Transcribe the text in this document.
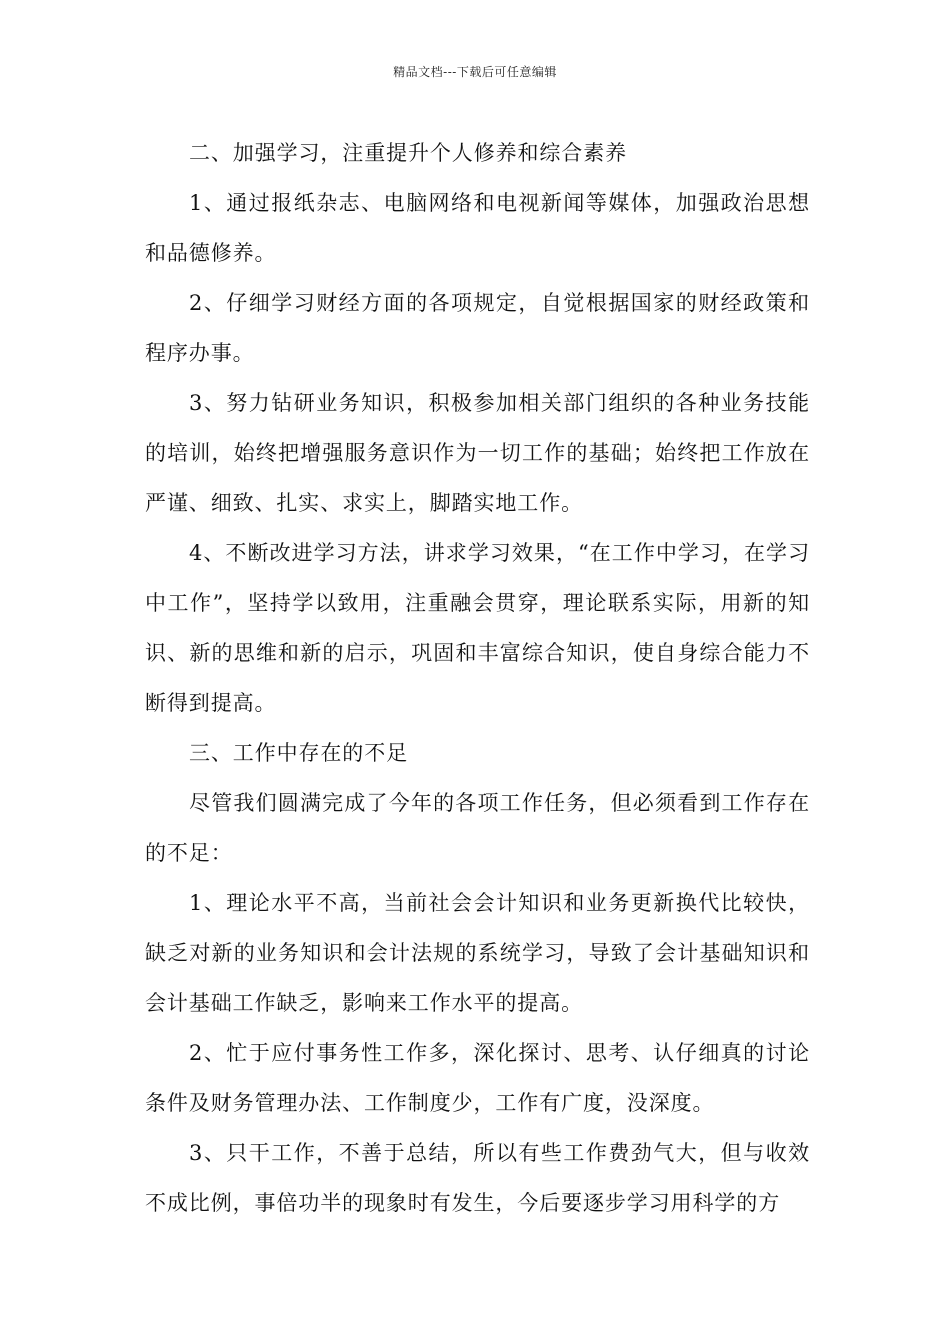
精品文档---下载后可任意编辑

二、加强学习，注重提升个人修养和综合素养

1、通过报纸杂志、电脑网络和电视新闻等媒体，加强政治思想和品德修养。

2、仔细学习财经方面的各项规定，自觉根据国家的财经政策和程序办事。

3、努力钻研业务知识，积极参加相关部门组织的各种业务技能的培训，始终把增强服务意识作为一切工作的基础；始终把工作放在严谨、细致、扎实、求实上，脚踏实地工作。

4、不断改进学习方法，讲求学习效果，“在工作中学习，在学习中工作”，坚持学以致用，注重融会贯穿，理论联系实际，用新的知识、新的思维和新的启示，巩固和丰富综合知识，使自身综合能力不断得到提高。

三、工作中存在的不足

尽管我们圆满完成了今年的各项工作任务，但必须看到工作存在的不足：

1、理论水平不高，当前社会会计知识和业务更新换代比较快，缺乏对新的业务知识和会计法规的系统学习，导致了会计基础知识和会计基础工作缺乏，影响来工作水平的提高。

2、忙于应付事务性工作多，深化探讨、思考、认仔细真的讨论条件及财务管理办法、工作制度少，工作有广度，没深度。

3、只干工作，不善于总结，所以有些工作费劲气大，但与收效不成比例，事倍功半的现象时有发生，今后要逐步学习用科学的方
